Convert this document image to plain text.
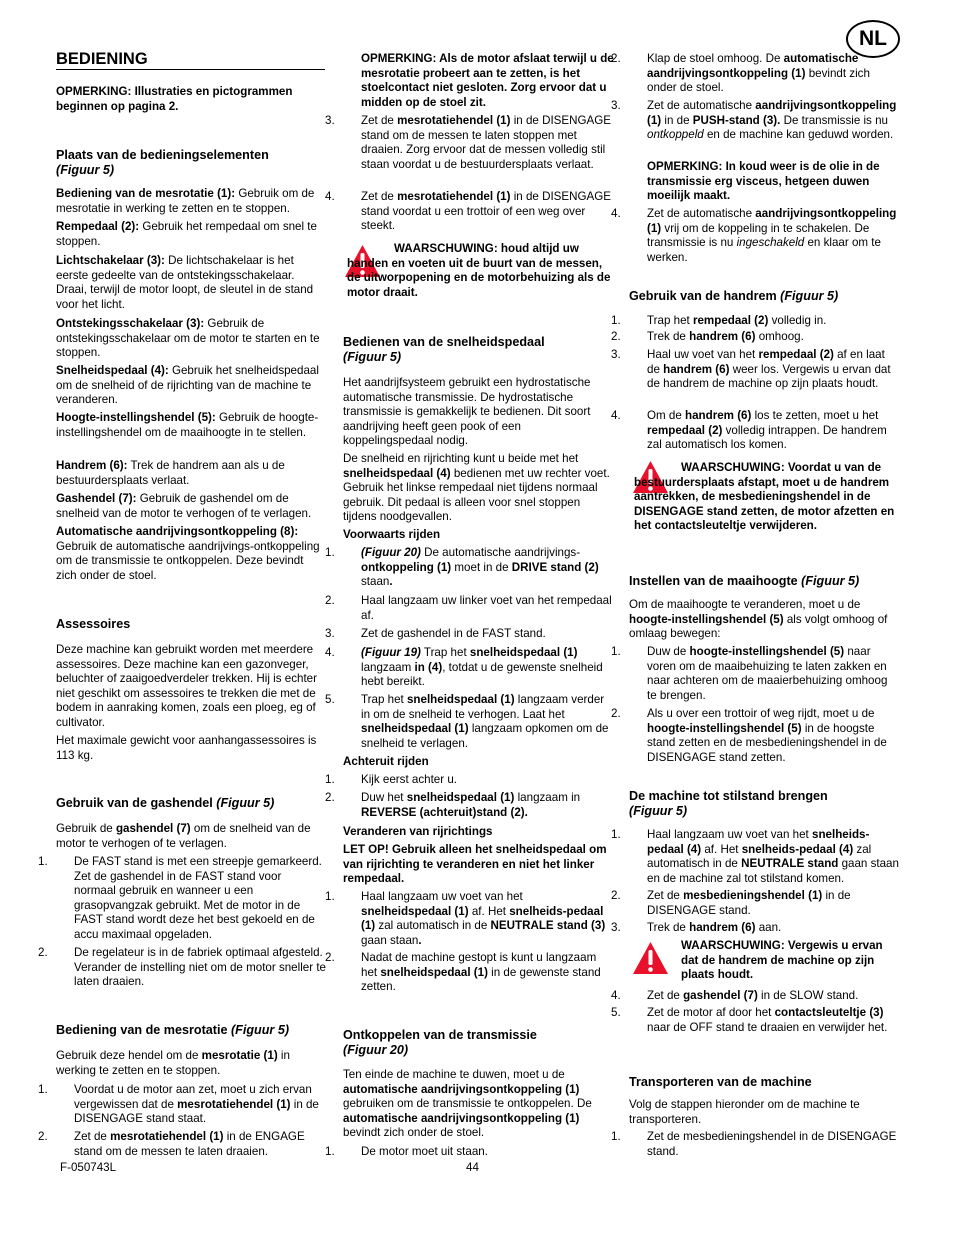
NL
BEDIENING
OPMERKING: Illustraties en pictogrammen beginnen op pagina 2.
Plaats van de bedieningselementen
(Figuur 5)
Bediening van de mesrotatie (1): Gebruik om de mesrotatie in werking te zetten en te stoppen.
Rempedaal (2): Gebruik het rempedaal om snel te stoppen.
Lichtschakelaar (3): De lichtschakelaar is het eerste gedeelte van de ontstekingsschakelaar. Draai, terwijl de motor loopt, de sleutel in de stand voor het licht.
Ontstekingsschakelaar (3): Gebruik de ontstekingsschakelaar om de motor te starten en te stoppen.
Snelheidspedaal (4): Gebruik het snelheidspedaal om de snelheid of de rijrichting van de machine te veranderen.
Hoogte-instellingshendel (5): Gebruik de hoogte-instellingshendel om de maaihoogte in te stellen.
Handrem (6): Trek de handrem aan als u de bestuurdersplaats verlaat.
Gashendel (7): Gebruik de gashendel om de snelheid van de motor te verhogen of te verlagen.
Automatische aandrijvingsontkoppeling (8): Gebruik de automatische aandrijvings-ontkoppeling om de transmissie te ontkoppelen. Deze bevindt zich onder de stoel.
Assessoires
Deze machine kan gebruikt worden met meerdere assessoires. Deze machine kan een gazonveger, beluchter of zaaigoedverdeler trekken. Hij is echter niet geschikt om assessoires te trekken die met de bodem in aanraking komen, zoals een ploeg, eg of cultivator.
Het maximale gewicht voor aanhangassessoires is 113 kg.
Gebruik van de gashendel (Figuur 5)
Gebruik de gashendel (7) om de snelheid van de motor te verhogen of te verlagen.
1. De FAST stand is met een streepje gemarkeerd. Zet de gashendel in de FAST stand voor normaal gebruik en wanneer u een grasopvangzak gebruikt. Met de motor in de FAST stand wordt deze het best gekoeld en de accu maximaal opgeladen.
2. De regelateur is in de fabriek optimaal afgesteld. Verander de instelling niet om de motor sneller te laten draaien.
Bediening van de mesrotatie (Figuur 5)
Gebruik deze hendel om de mesrotatie (1) in werking te zetten en te stoppen.
1. Voordat u de motor aan zet, moet u zich ervan vergewissen dat de mesrotatiehendel (1) in de DISENGAGE stand staat.
2. Zet de mesrotatiehendel (1) in de ENGAGE stand om de messen te laten draaien.
OPMERKING: Als de motor afslaat terwijl u de mesrotatie probeert aan te zetten, is het stoelcontact niet gesloten. Zorg ervoor dat u midden op de stoel zit.
3. Zet de mesrotatiehendel (1) in de DISENGAGE stand om de messen te laten stoppen met draaien. Zorg ervoor dat de messen volledig stil staan voordat u de bestuurdersplaats verlaat.
4. Zet de mesrotatiehendel (1) in de DISENGAGE stand voordat u een trottoir of een weg over steekt.
WAARSCHUWING: houd altijd uw handen en voeten uit de buurt van de messen, de uitworpopening en de motorbehuizing als de motor draait.
Bedienen van de snelheidspedaal
(Figuur 5)
Het aandrijfsysteem gebruikt een hydrostatische automatische transmissie. De hydrostatische transmissie is gemakkelijk te bedienen. Dit soort aandrijving heeft geen pook of een koppelingspedaal nodig.
De snelheid en rijrichting kunt u beide met het snelheidspedaal (4) bedienen met uw rechter voet. Gebruik het linkse rempedaal niet tijdens normaal gebruik. Dit pedaal is alleen voor snel stoppen tijdens noodgevallen.
Voorwaarts rijden
1. (Figuur 20) De automatische aandrijvings-ontkoppeling (1) moet in de DRIVE stand (2) staan.
2. Haal langzaam uw linker voet van het rempedaal af.
3. Zet de gashendel in de FAST stand.
4. (Figuur 19) Trap het snelheidspedaal (1) langzaam in (4), totdat u de gewenste snelheid hebt bereikt.
5. Trap het snelheidspedaal (1) langzaam verder in om de snelheid te verhogen. Laat het snelheidspedaal (1) langzaam opkomen om de snelheid te verlagen.
Achteruit rijden
1. Kijk eerst achter u.
2. Duw het snelheidspedaal (1) langzaam in REVERSE (achteruit)stand (2).
Veranderen van rijrichtings
LET OP! Gebruik alleen het snelheidspedaal om van rijrichting te veranderen en niet het linker rempedaal.
1. Haal langzaam uw voet van het snelheidspedaal (1) af. Het snelheids-pedaal (1) zal automatisch in de NEUTRALE stand (3) gaan staan.
2. Nadat de machine gestopt is kunt u langzaam het snelheidspedaal (1) in de gewenste stand zetten.
Ontkoppelen van de transmissie
(Figuur 20)
Ten einde de machine te duwen, moet u de automatische aandrijvingsontkoppeling (1) gebruiken om de transmissie te ontkoppelen. De automatische aandrijvingsontkoppeling (1) bevindt zich onder de stoel.
1. De motor moet uit staan.
2. Klap de stoel omhoog. De automatische aandrijvingsontkoppeling (1) bevindt zich onder de stoel.
3. Zet de automatische aandrijvingsontkoppeling (1) in de PUSH-stand (3). De transmissie is nu ontkoppeld en de machine kan geduwd worden.
OPMERKING: In koud weer is de olie in de transmissie erg visceus, hetgeen duwen moeilijk maakt.
4. Zet de automatische aandrijvingsontkoppeling (1) vrij om de koppeling in te schakelen. De transmissie is nu ingeschakeld en klaar om te werken.
Gebruik van de handrem (Figuur 5)
1. Trap het rempedaal (2) volledig in.
2. Trek de handrem (6) omhoog.
3. Haal uw voet van het rempedaal (2) af en laat de handrem (6) weer los. Vergewis u ervan dat de handrem de machine op zijn plaats houdt.
4. Om de handrem (6) los te zetten, moet u het rempedaal (2) volledig intrappen. De handrem zal automatisch los komen.
WAARSCHUWING: Voordat u van de bestuurdersplaats afstapt, moet u de handrem aantrekken, de mesbedieningshendel in de DISENGAGE stand zetten, de motor afzetten en het contactsleuteltje verwijderen.
Instellen van de maaihoogte (Figuur 5)
Om de maaihoogte te veranderen, moet u de hoogte-instellingshendel (5) als volgt omhoog of omlaag bewegen:
1. Duw de hoogte-instellingshendel (5) naar voren om de maaibehuizing te laten zakken en naar achteren om de maaierbehuizing omhoog te brengen.
2. Als u over een trottoir of weg rijdt, moet u de hoogte-instellingshendel (5) in de hoogste stand zetten en de mesbedieningshendel in de DISENGAGE stand zetten.
De machine tot stilstand brengen
(Figuur 5)
1. Haal langzaam uw voet van het snelheids-pedaal (4) af. Het snelheids-pedaal (4) zal automatisch in de NEUTRALE stand gaan staan en de machine zal tot stilstand komen.
2. Zet de mesbedieningshendel (1) in de DISENGAGE stand.
3. Trek de handrem (6) aan.
WAARSCHUWING: Vergewis u ervan dat de handrem de machine op zijn plaats houdt.
4. Zet de gashendel (7) in de SLOW stand.
5. Zet de motor af door het contactsleuteltje (3) naar de OFF stand te draaien en verwijder het.
Transporteren van de machine
Volg de stappen hieronder om de machine te transporteren.
1. Zet de mesbedieningshendel in de DISENGAGE stand.
F-050743L	44
